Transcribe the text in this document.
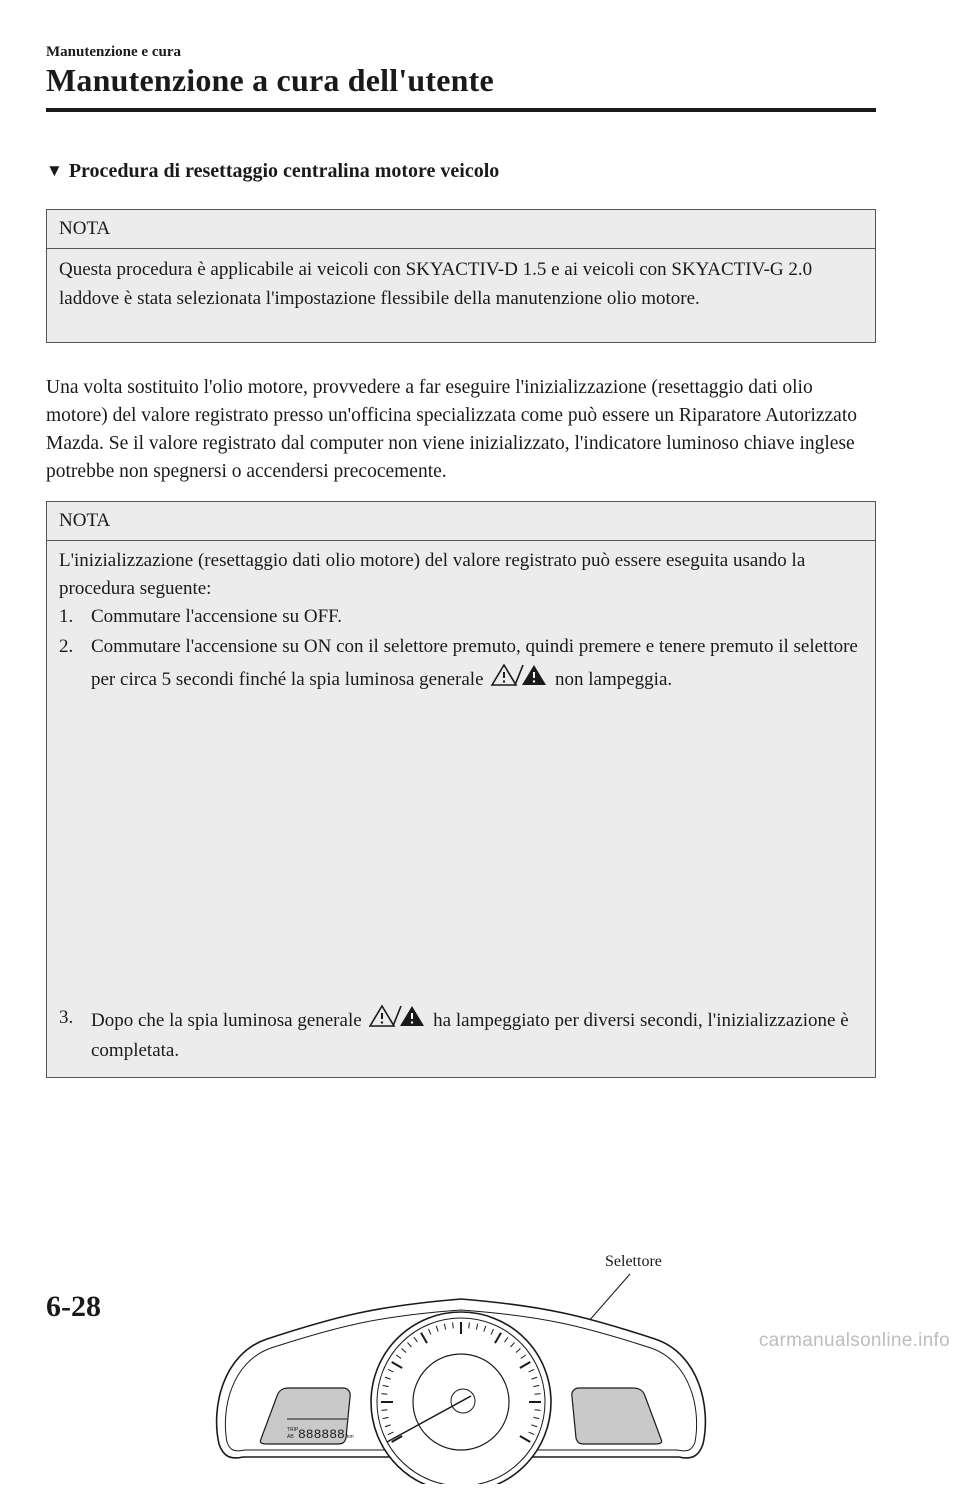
Manutenzione e cura
Manutenzione a cura dell'utente
▼ Procedura di resettaggio centralina motore veicolo
NOTA
Questa procedura è applicabile ai veicoli con SKYACTIV-D 1.5 e ai veicoli con SKYACTIV-G 2.0 laddove è stata selezionata l'impostazione flessibile della manutenzione olio motore.
Una volta sostituito l'olio motore, provvedere a far eseguire l'inizializzazione (resettaggio dati olio motore) del valore registrato presso un'officina specializzata come può essere un Riparatore Autorizzato Mazda. Se il valore registrato dal computer non viene inizializzato, l'indicatore luminoso chiave inglese potrebbe non spegnersi o accendersi precocemente.
NOTA
L'inizializzazione (resettaggio dati olio motore) del valore registrato può essere eseguita usando la procedura seguente:
1. Commutare l'accensione su OFF.
2. Commutare l'accensione su ON con il selettore premuto, quindi premere e tenere premuto il selettore per circa 5 secondi finché la spia luminosa generale	non lampeggia.
Selettore
TRIP
AB 888888 km
3. Dopo che la spia luminosa generale	ha lampeggiato per diversi secondi, l'inizializzazione è completata.
6-28
carmanualsonline.info
